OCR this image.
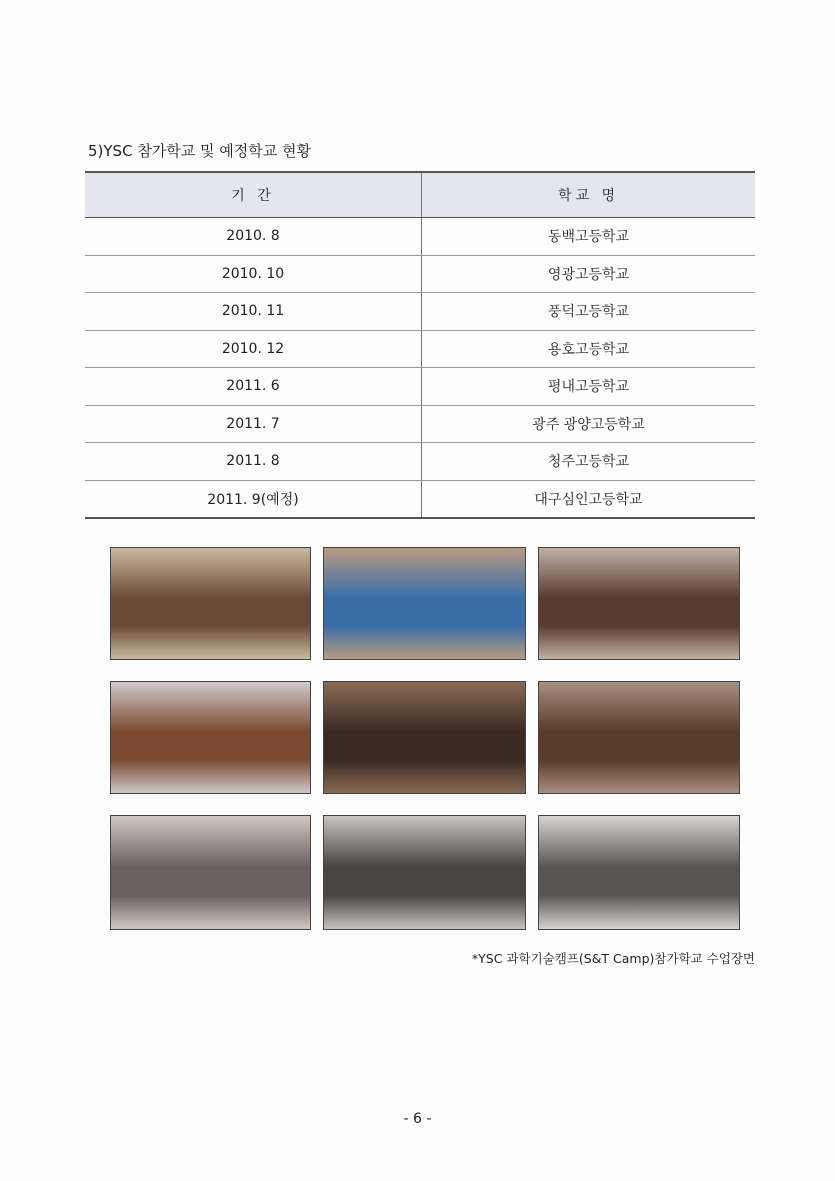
5)YSC 참가학교 및 예정학교 현황
기 간	학교 명
2010. 8	동백고등학교
2010. 10	영광고등학교
2010. 11	풍덕고등학교
2010. 12	용호고등학교
2011. 6	평내고등학교
2011. 7	광주 광양고등학교
2011. 8	청주고등학교
2011. 9(예정)	대구심인고등학교
*YSC 과학기술캠프(S&T Camp)참가학교 수업장면
- 6 -
